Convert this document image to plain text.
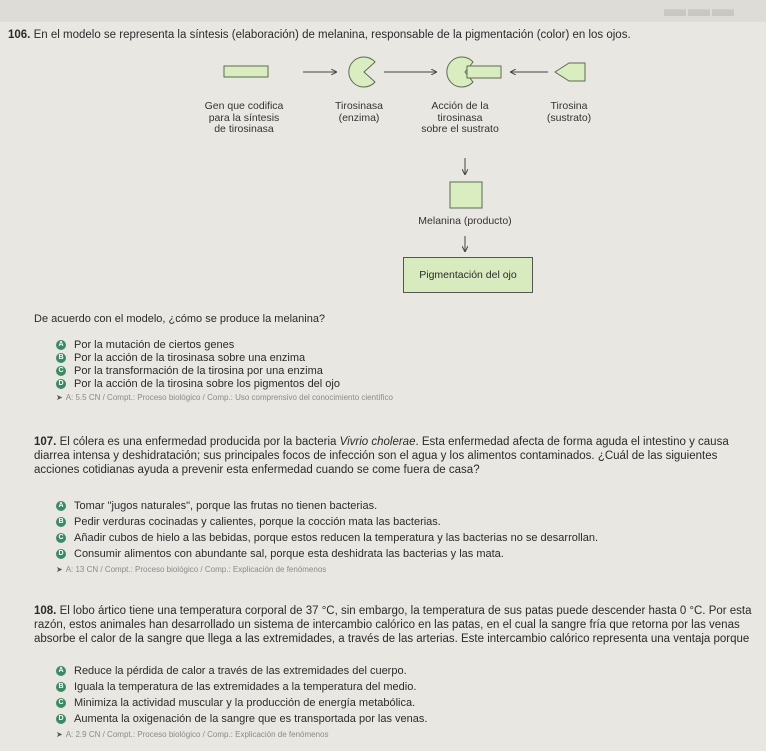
▬▬▬
106. En el modelo se representa la síntesis (elaboración) de melanina, responsable de la pigmentación (color) en los ojos.
Gen que codifica
para la síntesis
de tirosinasa
Tirosinasa
(enzima)
Acción de la
tirosinasa
sobre el sustrato
Tirosina
(sustrato)
Melanina (producto)
Pigmentación del ojo
De acuerdo con el modelo, ¿cómo se produce la melanina?
A Por la mutación de ciertos genes
B Por la acción de la tirosinasa sobre una enzima
C Por la transformación de la tirosina por una enzima
D Por la acción de la tirosina sobre los pigmentos del ojo
➤ A: 5.5 CN / Compt.: Proceso biológico / Comp.: Uso comprensivo del conocimiento científico
107. El cólera es una enfermedad producida por la bacteria Vivrio cholerae. Esta enfermedad afecta de forma aguda el intestino y causa diarrea intensa y deshidratación; sus principales focos de infección son el agua y los alimentos contaminados. ¿Cuál de las siguientes acciones cotidianas ayuda a prevenir esta enfermedad cuando se come fuera de casa?
A Tomar "jugos naturales", porque las frutas no tienen bacterias.
B Pedir verduras cocinadas y calientes, porque la cocción mata las bacterias.
C Añadir cubos de hielo a las bebidas, porque estos reducen la temperatura y las bacterias no se desarrollan.
D Consumir alimentos con abundante sal, porque esta deshidrata las bacterias y las mata.
➤ A: 13 CN / Compt.: Proceso biológico / Comp.: Explicación de fenómenos
108. El lobo ártico tiene una temperatura corporal de 37 °C, sin embargo, la temperatura de sus patas puede descender hasta 0 °C. Por esta razón, estos animales han desarrollado un sistema de intercambio calórico en las patas, en el cual la sangre fría que retorna por las venas absorbe el calor de la sangre que llega a las extremidades, a través de las arterias. Este intercambio calórico representa una ventaja porque
A Reduce la pérdida de calor a través de las extremidades del cuerpo.
B Iguala la temperatura de las extremidades a la temperatura del medio.
C Minimiza la actividad muscular y la producción de energía metabólica.
D Aumenta la oxigenación de la sangre que es transportada por las venas.
➤ A: 2.9 CN / Compt.: Proceso biológico / Comp.: Explicación de fenómenos
